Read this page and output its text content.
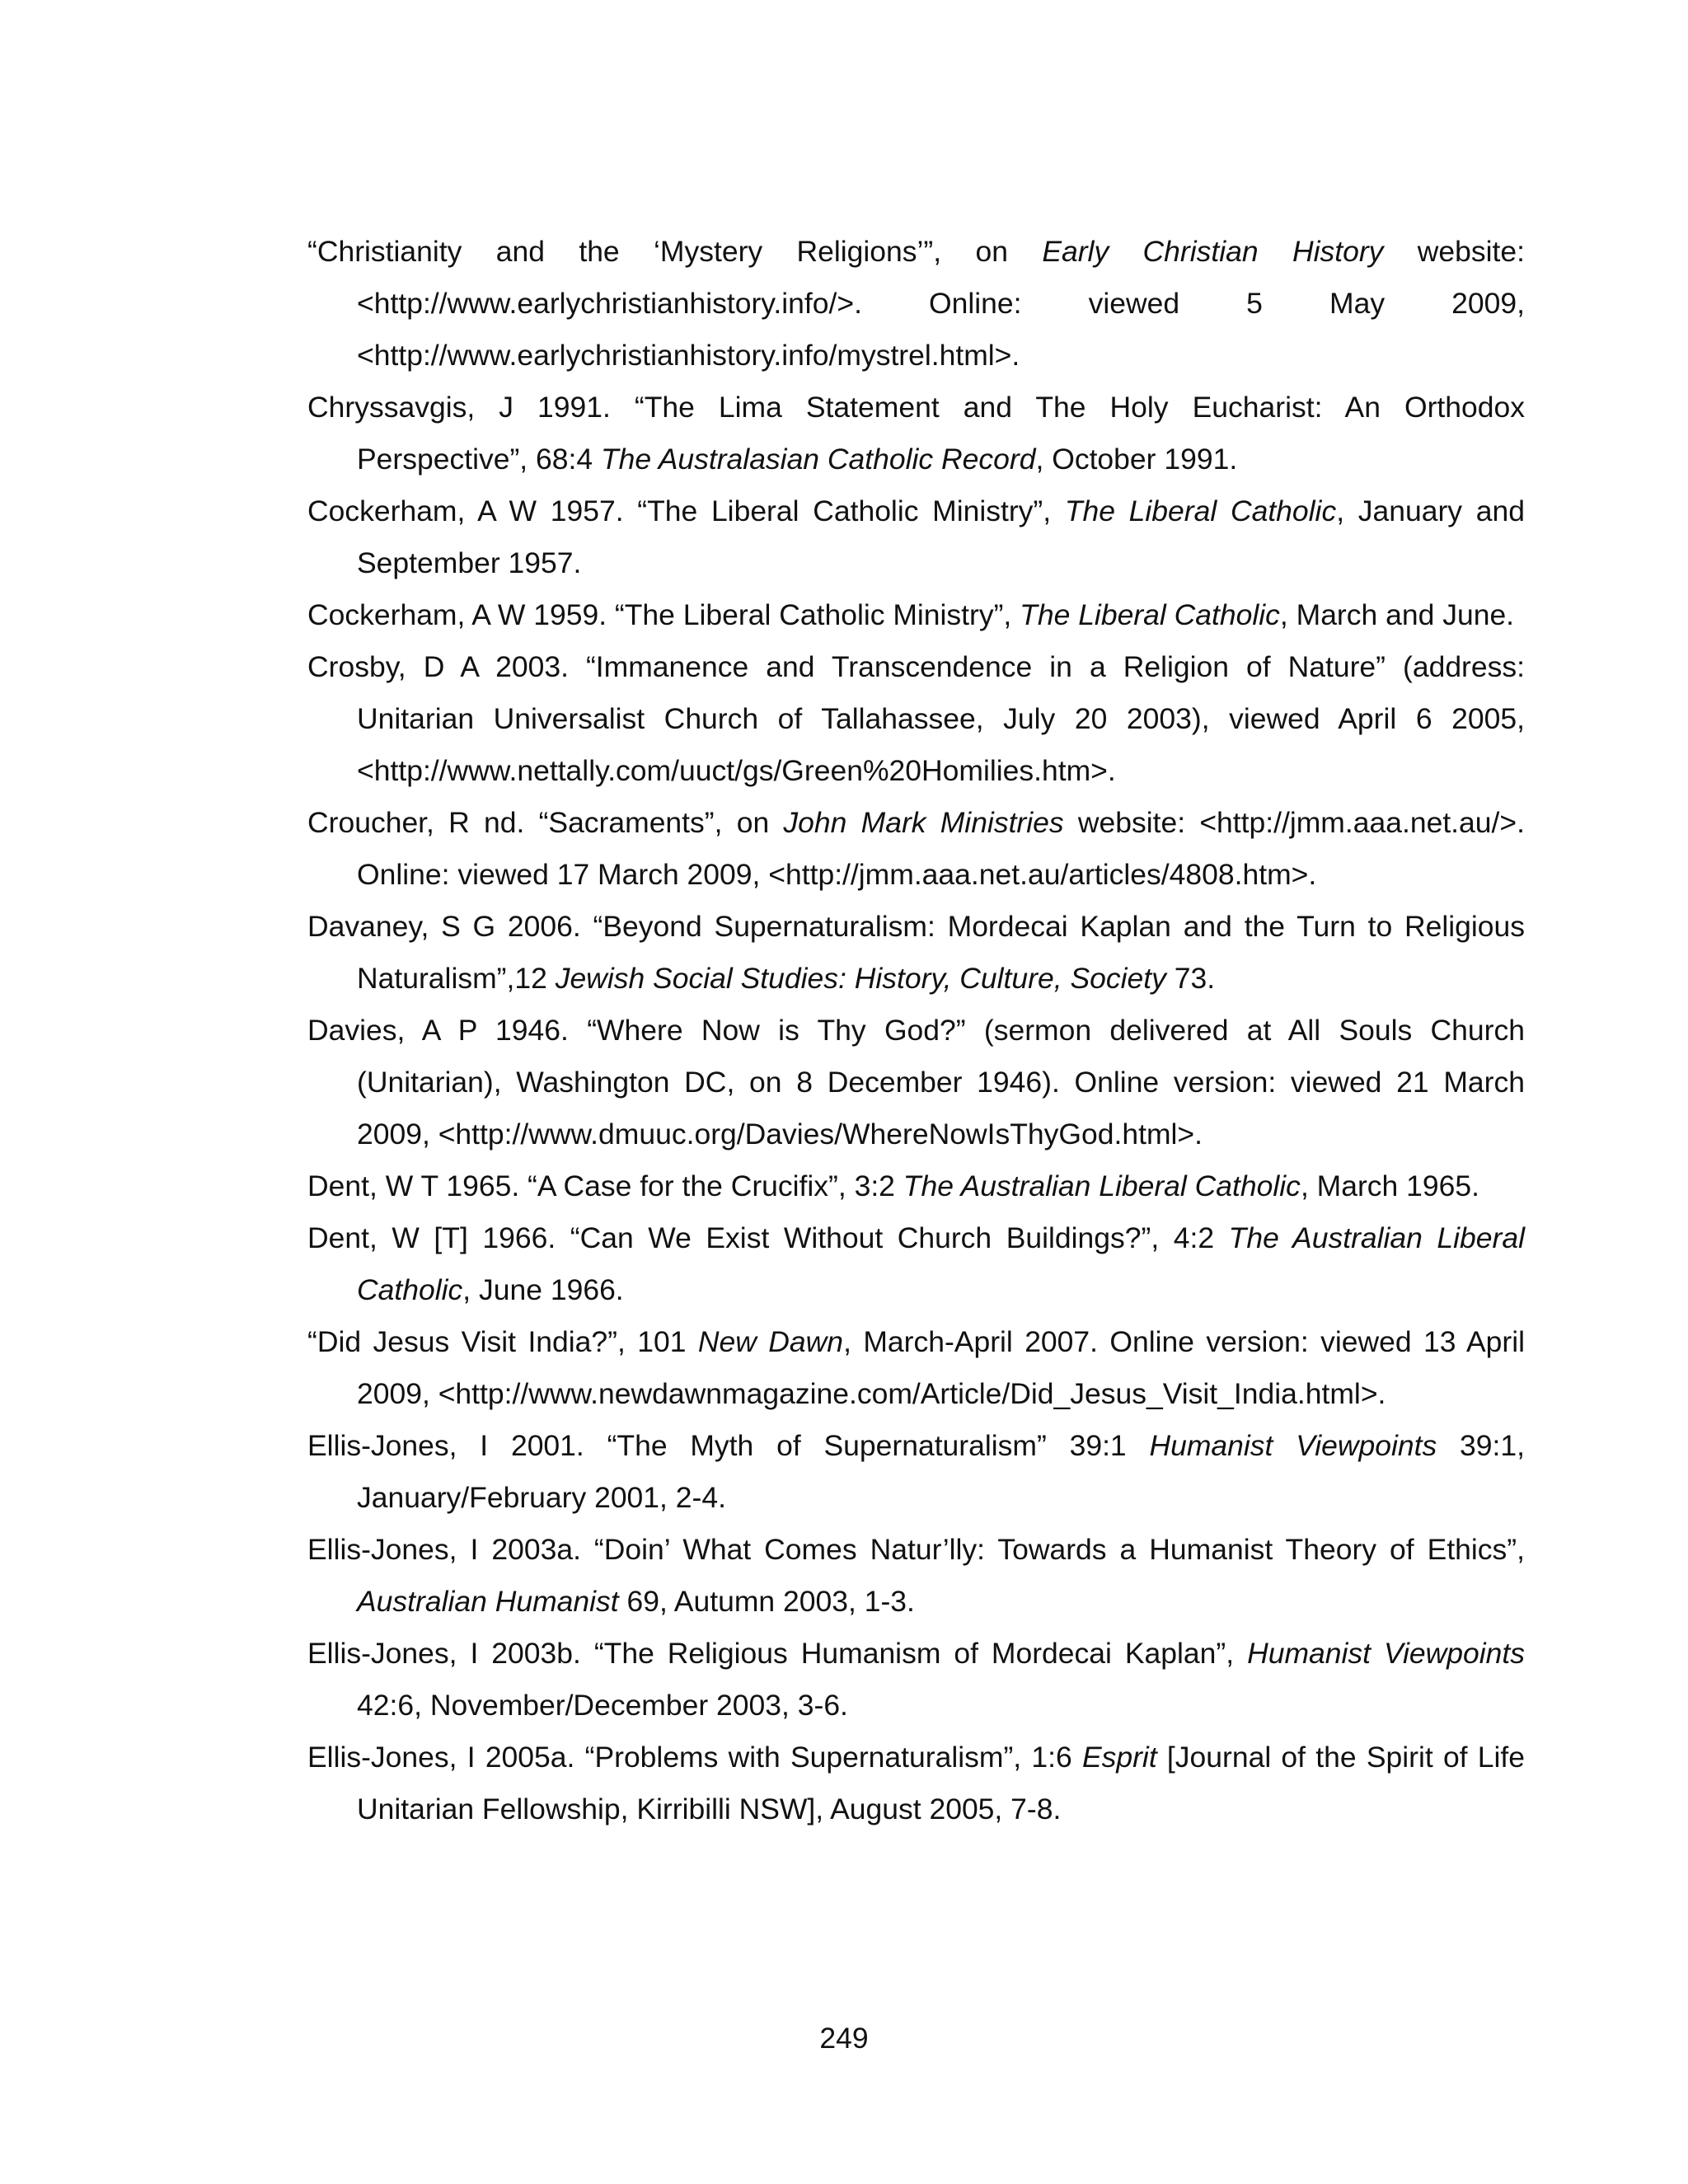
“Christianity and the ‘Mystery Religions’”, on Early Christian History website: <http://www.earlychristianhistory.info/>. Online: viewed 5 May 2009, <http://www.earlychristianhistory.info/mystrel.html>.
Chryssavgis, J 1991. “The Lima Statement and The Holy Eucharist: An Orthodox Perspective”, 68:4 The Australasian Catholic Record, October 1991.
Cockerham, A W 1957. “The Liberal Catholic Ministry”, The Liberal Catholic, January and September 1957.
Cockerham, A W 1959. “The Liberal Catholic Ministry”, The Liberal Catholic, March and June.
Crosby, D A 2003. “Immanence and Transcendence in a Religion of Nature” (address: Unitarian Universalist Church of Tallahassee, July 20 2003), viewed April 6 2005, <http://www.nettally.com/uuct/gs/Green%20Homilies.htm>.
Croucher, R nd. “Sacraments”, on John Mark Ministries website: <http://jmm.aaa.net.au/>. Online: viewed 17 March 2009, <http://jmm.aaa.net.au/articles/4808.htm>.
Davaney, S G 2006. “Beyond Supernaturalism: Mordecai Kaplan and the Turn to Religious Naturalism”,12 Jewish Social Studies: History, Culture, Society 73.
Davies, A P 1946. “Where Now is Thy God?” (sermon delivered at All Souls Church (Unitarian), Washington DC, on 8 December 1946). Online version: viewed 21 March 2009, <http://www.dmuuc.org/Davies/WhereNowIsThyGod.html>.
Dent, W T 1965. “A Case for the Crucifix”, 3:2 The Australian Liberal Catholic, March 1965.
Dent, W [T] 1966. “Can We Exist Without Church Buildings?”, 4:2 The Australian Liberal Catholic, June 1966.
“Did Jesus Visit India?”, 101 New Dawn, March-April 2007. Online version: viewed 13 April 2009, <http://www.newdawnmagazine.com/Article/Did_Jesus_Visit_India.html>.
Ellis-Jones, I 2001. “The Myth of Supernaturalism” 39:1 Humanist Viewpoints 39:1, January/February 2001, 2-4.
Ellis-Jones, I 2003a. “Doin’ What Comes Natur’lly: Towards a Humanist Theory of Ethics”, Australian Humanist 69, Autumn 2003, 1-3.
Ellis-Jones, I 2003b. “The Religious Humanism of Mordecai Kaplan”, Humanist Viewpoints 42:6, November/December 2003, 3-6.
Ellis-Jones, I 2005a. “Problems with Supernaturalism”, 1:6 Esprit [Journal of the Spirit of Life Unitarian Fellowship, Kirribilli NSW], August 2005, 7-8.
249
